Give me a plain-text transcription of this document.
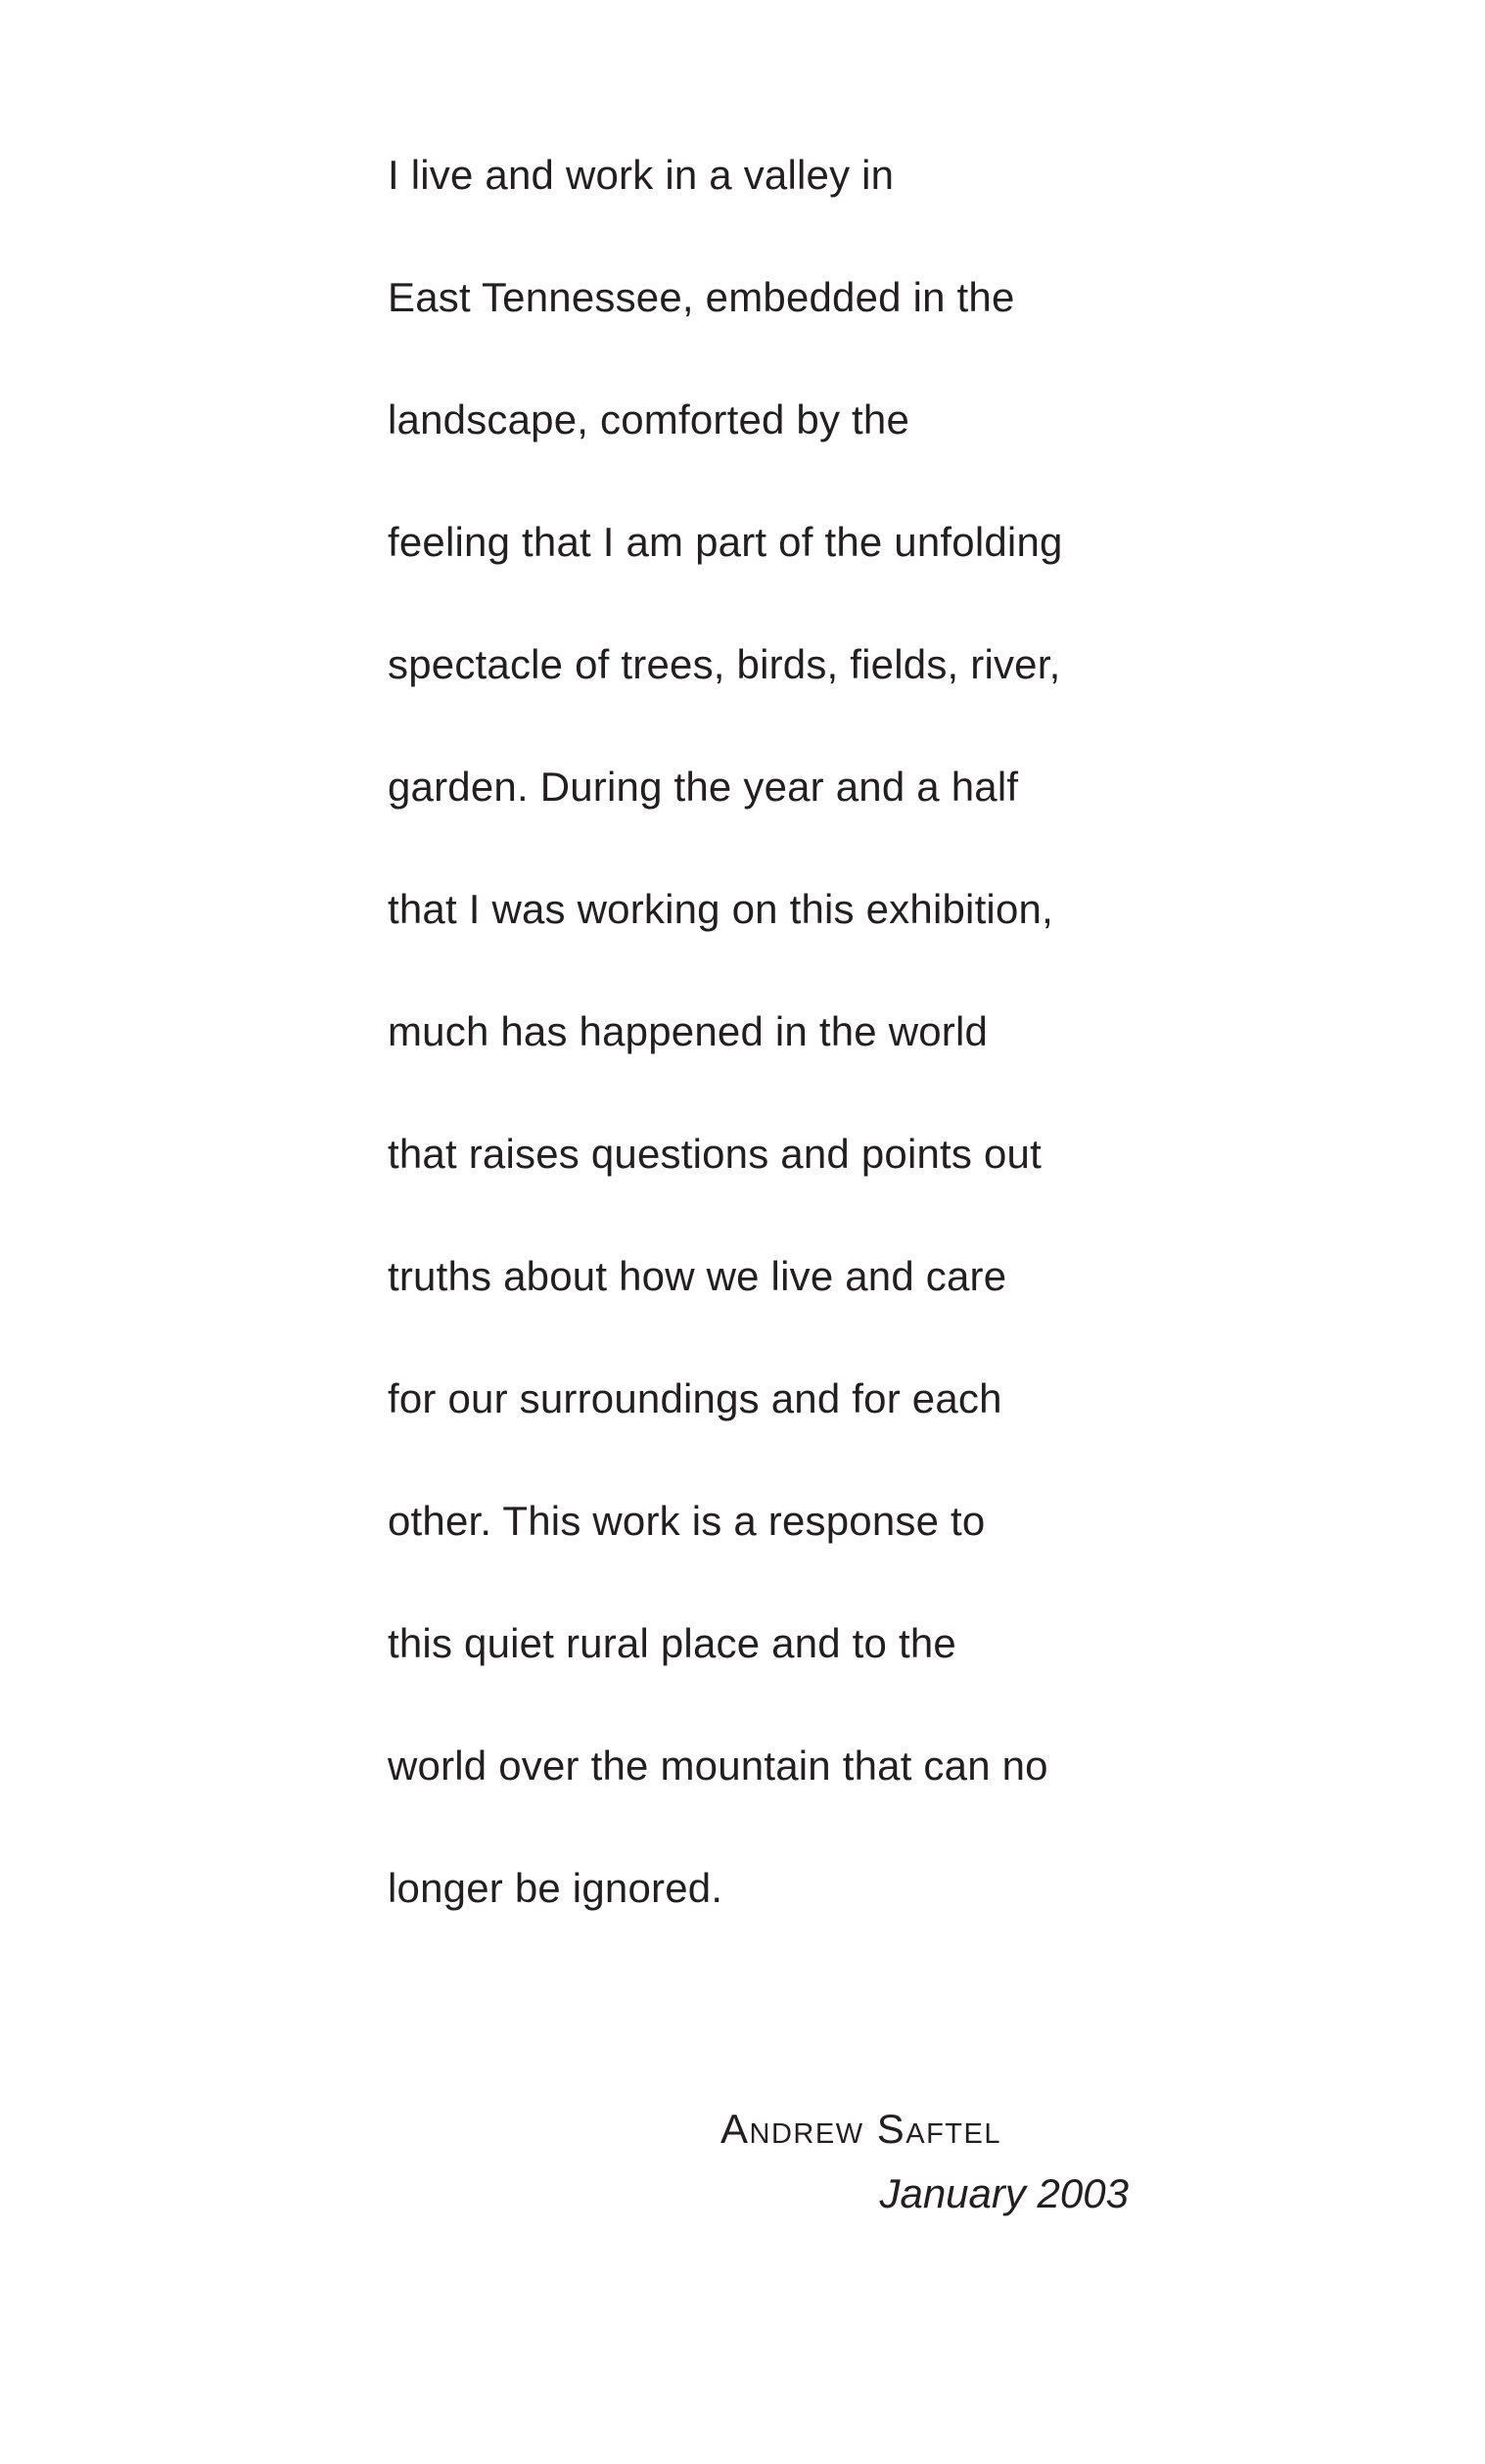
I live and work in a valley in
East Tennessee, embedded in the
landscape, comforted by the
feeling that I am part of the unfolding
spectacle of trees, birds, fields, river,
garden. During the year and a half
that I was working on this exhibition,
much has happened in the world
that raises questions and points out
truths about how we live and care
for our surroundings and for each
other. This work is a response to
this quiet rural place and to the
world over the mountain that can no
longer be ignored.
Andrew Saftel
January 2003
